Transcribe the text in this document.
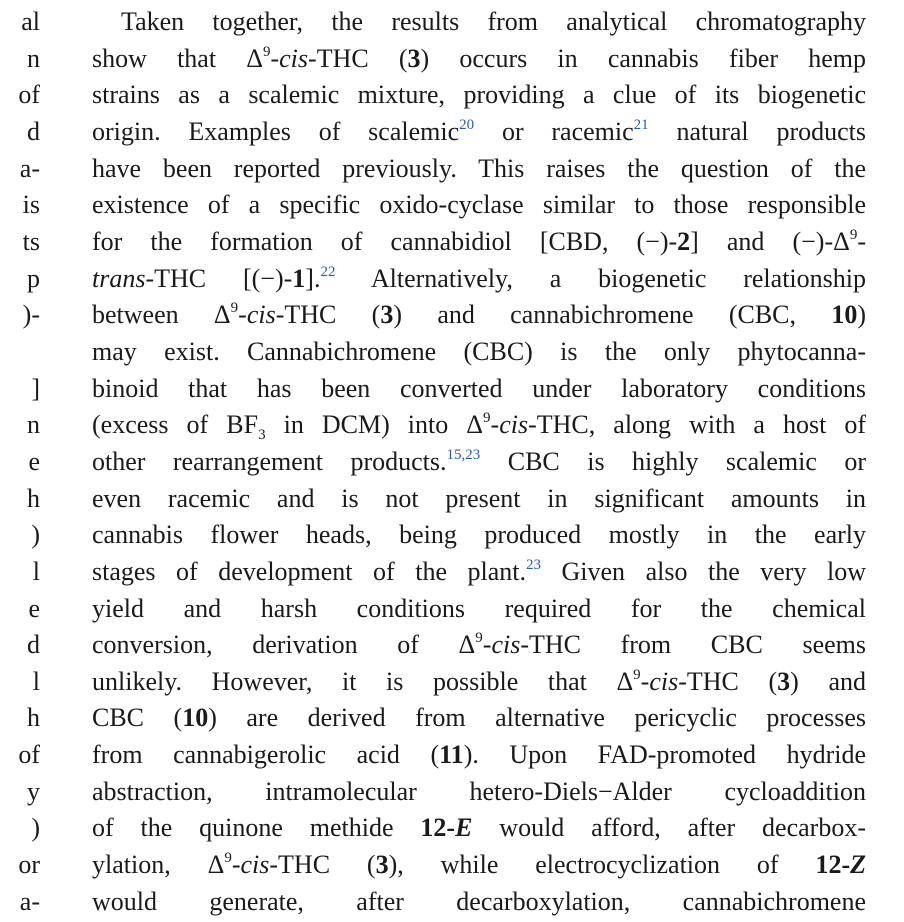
al
n
of
d
a-
is
ts
p
)-
]
n
e
h
)
l
e
d
l
h
of
y
)
or
a-
Taken together, the results from analytical chromatography
show that $\Delta^9-cis$-THC (3) occurs in cannabis fiber hemp
strains as a scalemic mixture, providing a clue of its biogenetic
origin. Examples of scalemic$^{20}$ or racemic$^{21}$ natural products
have been reported previously. This raises the question of the
existence of a specific oxido-cyclase similar to those responsible
for the formation of cannabidiol [CBD, (−)-2] and $(-)-\Delta^9-$
trans-THC [(−)-1].$^{22}$ Alternatively, a biogenetic relationship
between $\Delta^9-cis$-THC (3) and cannabichromene (CBC, 10)
may exist. Cannabichromene (CBC) is the only phytocanna-
binoid that has been converted under laboratory conditions
(excess of $BF_3$ in DCM) into $\Delta^9-cis$-THC, along with a host of
other rearrangement products.$^{15,23}$ CBC is highly scalemic or
even racemic and is not present in significant amounts in
cannabis flower heads, being produced mostly in the early
stages of development of the plant.$^{23}$ Given also the very low
yield and harsh conditions required for the chemical
conversion, derivation of $\Delta^9-cis$-THC from CBC seems
unlikely. However, it is possible that $\Delta^9-cis$-THC (3) and
CBC (10) are derived from alternative pericyclic processes
from cannabigerolic acid (11). Upon FAD-promoted hydride
abstraction, intramolecular hetero-Diels−Alder cycloaddition
of the quinone methide 12-E would afford, after decarbox-
ylation, $\Delta^9-cis$-THC (3), while electrocyclization of 12-Z
would generate, after decarboxylation, cannabichromene
